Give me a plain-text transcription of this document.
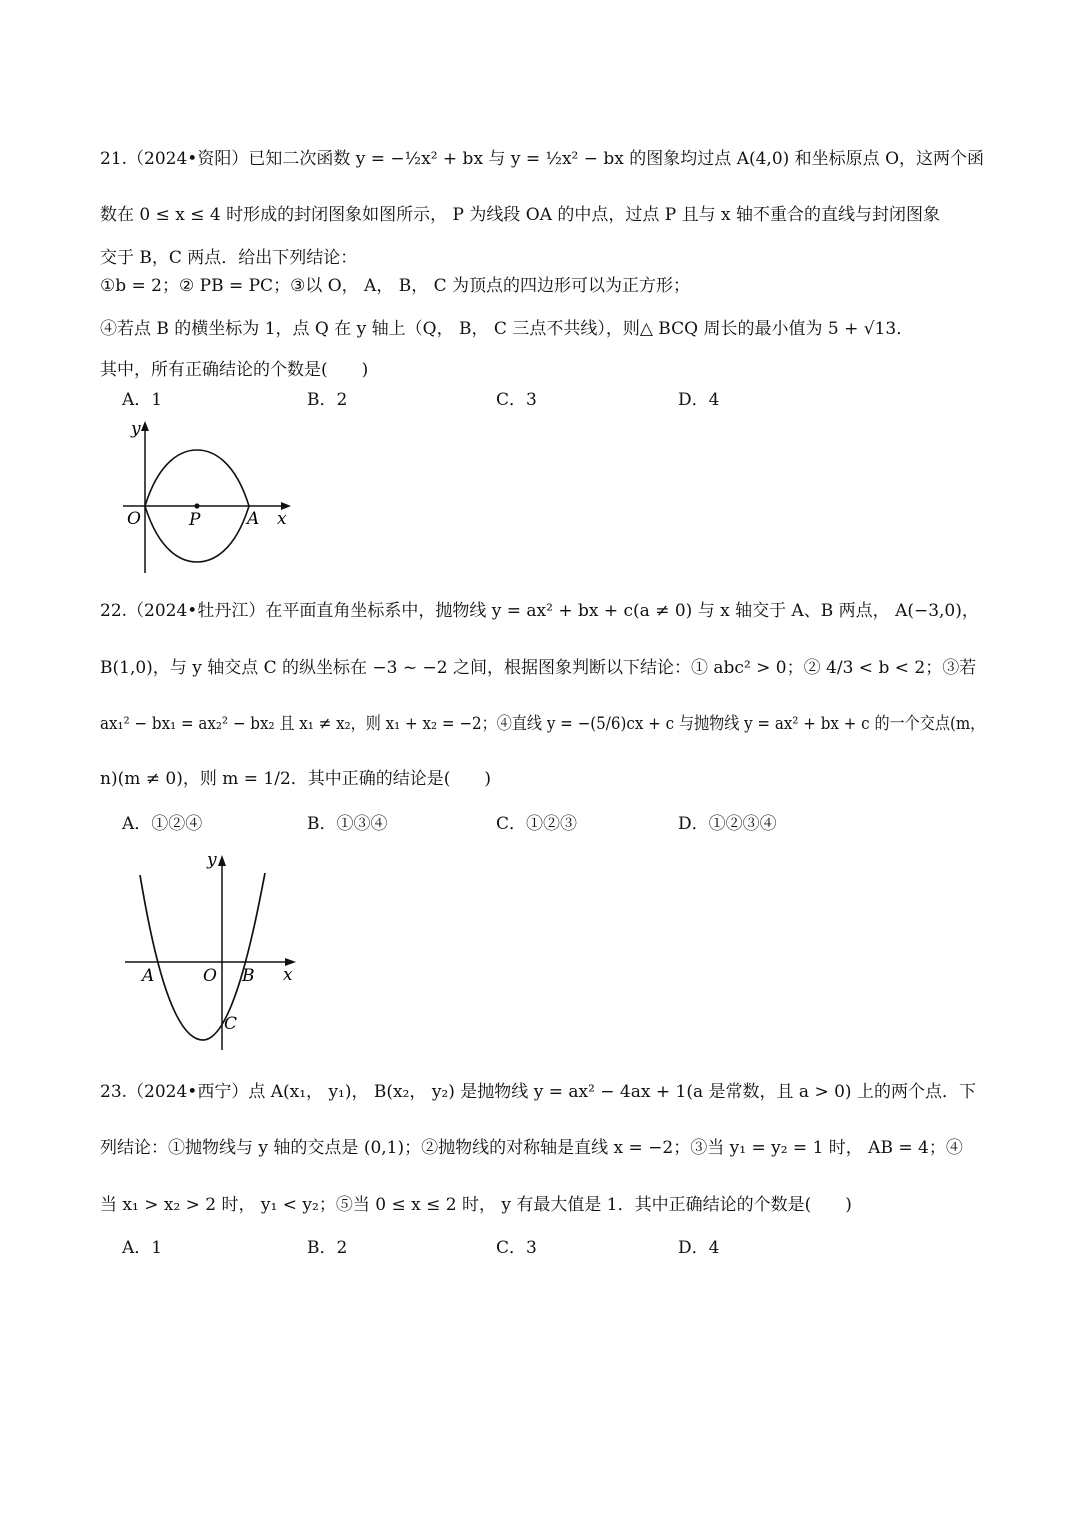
21.（2024•资阳）已知二次函数 y = −½x² + bx 与 y = ½x² − bx 的图象均过点 A(4,0) 和坐标原点 O，这两个函
数在 0 ≤ x ≤ 4 时形成的封闭图象如图所示， P 为线段 OA 的中点，过点 P 且与 x 轴不重合的直线与封闭图象
交于 B，C 两点．给出下列结论：
①b = 2；② PB = PC；③以 O， A， B， C 为顶点的四边形可以为正方形；
④若点 B 的横坐标为 1，点 Q 在 y 轴上（Q， B， C 三点不共线），则△ BCQ 周长的最小值为 5 + √13．
其中，所有正确结论的个数是(　　)
A．1	B．2	C．3	D．4
y
O	P	A x
22.（2024•牡丹江）在平面直角坐标系中，抛物线 y = ax² + bx + c(a ≠ 0) 与 x 轴交于 A、B 两点， A(−3,0)，
B(1,0)，与 y 轴交点 C 的纵坐标在 −3 ~ −2 之间，根据图象判断以下结论：① abc² > 0；② 4/3 < b < 2；③若
ax₁² − bx₁ = ax₂² − bx₂ 且 x₁ ≠ x₂，则 x₁ + x₂ = −2；④直线 y = −(5/6)cx + c 与抛物线 y = ax² + bx + c 的一个交点(m，
n)(m ≠ 0)，则 m = 1/2．其中正确的结论是(　　)
A．①②④	B．①③④	C．①②③	D．①②③④
y
A	O B
C
x
23.（2024•西宁）点 A(x₁， y₁)， B(x₂， y₂) 是抛物线 y = ax² − 4ax + 1(a 是常数，且 a > 0) 上的两个点．下
列结论：①抛物线与 y 轴的交点是 (0,1)；②抛物线的对称轴是直线 x = −2；③当 y₁ = y₂ = 1 时， AB = 4；④
当 x₁ > x₂ > 2 时， y₁ < y₂；⑤当 0 ≤ x ≤ 2 时， y 有最大值是 1．其中正确结论的个数是(　　)
A．1	B．2	C．3	D．4
